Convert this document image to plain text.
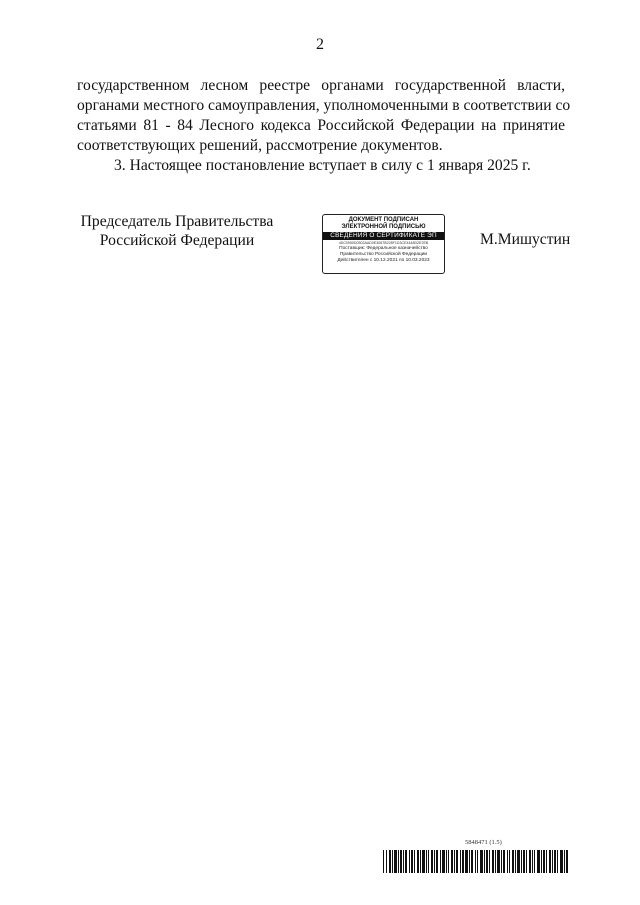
2

государственном лесном реестре органами государственной власти,
органами местного самоуправления, уполномоченными в соответствии со
статьями 81 - 84 Лесного кодекса Российской Федерации на принятие
соответствующих решений, рассмотрение документов.

3. Настоящее постановление вступает в силу с 1 января 2025 г.

Председатель Правительства
Российской Федерации
ДОКУМЕНТ ПОДПИСАН
ЭЛЕКТРОННОЙ ПОДПИСЬЮ
СВЕДЕНИЯ О СЕРТИФИКАТЕ ЭП
4DC0950D0502AAD0E3067B228F1D3CE4448D2E2EB
Поставщик: Федеральное казначейство
Правительство Российской Федерации
Действителен с 10.12.2021 по 10.03.2023
М.Мишустин
5848471 (1.5)
